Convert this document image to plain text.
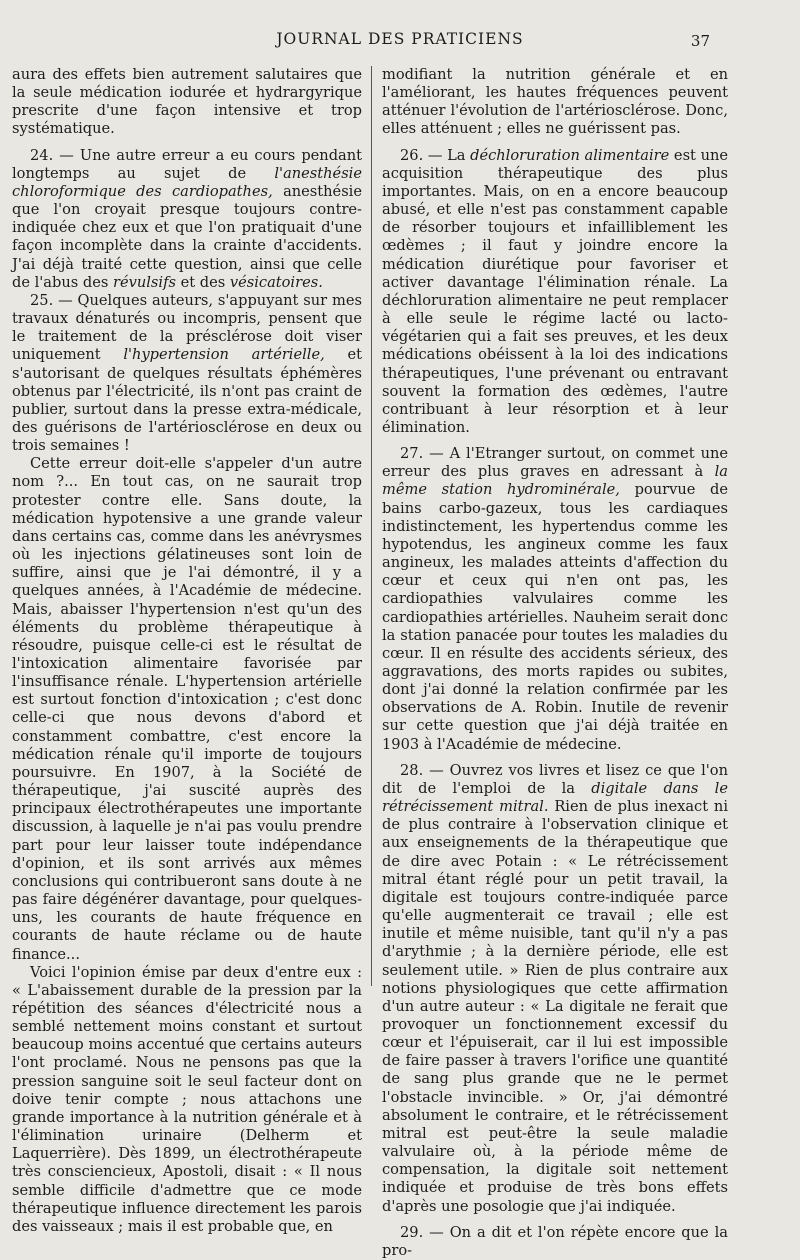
JOURNAL DES PRATICIENS	37

aura des effets bien autrement salutaires que la seule médication iodurée et hydrargyrique prescrite d'une façon intensive et trop systématique.

24. — Une autre erreur a eu cours pendant longtemps au sujet de l'anesthésie chloroformique des cardiopathes, anesthésie que l'on croyait presque toujours contre-indiquée chez eux et que l'on pratiquait d'une façon incomplète dans la crainte d'accidents. J'ai déjà traité cette question, ainsi que celle de l'abus des révulsifs et des vésicatoires.

25. — Quelques auteurs, s'appuyant sur mes travaux dénaturés ou incompris, pensent que le traitement de la présclérose doit viser uniquement l'hypertension artérielle, et s'autorisant de quelques résultats éphémères obtenus par l'électricité, ils n'ont pas craint de publier, surtout dans la presse extra-médicale, des guérisons de l'artériosclérose en deux ou trois semaines !

Cette erreur doit-elle s'appeler d'un autre nom ?... En tout cas, on ne saurait trop protester contre elle. Sans doute, la médication hypotensive a une grande valeur dans certains cas, comme dans les anévrysmes où les injections gélatineuses sont loin de suffire, ainsi que je l'ai démontré, il y a quelques années, à l'Académie de médecine. Mais, abaisser l'hypertension n'est qu'un des éléments du problème thérapeutique à résoudre, puisque celle-ci est le résultat de l'intoxication alimentaire favorisée par l'insuffisance rénale. L'hypertension artérielle est surtout fonction d'intoxication ; c'est donc celle-ci que nous devons d'abord et constamment combattre, c'est encore la médication rénale qu'il importe de toujours poursuivre. En 1907, à la Société de thérapeutique, j'ai suscité auprès des principaux électrothérapeutes une importante discussion, à laquelle je n'ai pas voulu prendre part pour leur laisser toute indépendance d'opinion, et ils sont arrivés aux mêmes conclusions qui contribueront sans doute à ne pas faire dégénérer davantage, pour quelques-uns, les courants de haute fréquence en courants de haute réclame ou de haute finance...

Voici l'opinion émise par deux d'entre eux : « L'abaissement durable de la pression par la répétition des séances d'électricité nous a semblé nettement moins constant et surtout beaucoup moins accentué que certains auteurs l'ont proclamé. Nous ne pensons pas que la pression sanguine soit le seul facteur dont on doive tenir compte ; nous attachons une grande importance à la nutrition générale et à l'élimination urinaire (Delherm et Laquerrière). Dès 1899, un électrothérapeute très consciencieux, Apostoli, disait : « Il nous semble difficile d'admettre que ce mode thérapeutique influence directement les parois des vaisseaux ; mais il est probable que, en

modifiant la nutrition générale et en l'améliorant, les hautes fréquences peuvent atténuer l'évolution de l'artériosclérose. Donc, elles atténuent ; elles ne guérissent pas.

26. — La déchloruration alimentaire est une acquisition thérapeutique des plus importantes. Mais, on en a encore beaucoup abusé, et elle n'est pas constamment capable de résorber toujours et infailliblement les œdèmes ; il faut y joindre encore la médication diurétique pour favoriser et activer davantage l'élimination rénale. La déchloruration alimentaire ne peut remplacer à elle seule le régime lacté ou lacto-végétarien qui a fait ses preuves, et les deux médications obéissent à la loi des indications thérapeutiques, l'une prévenant ou entravant souvent la formation des œdèmes, l'autre contribuant à leur résorption et à leur élimination.

27. — A l'Etranger surtout, on commet une erreur des plus graves en adressant à la même station hydrominérale, pourvue de bains carbo-gazeux, tous les cardiaques indistinctement, les hypertendus comme les hypotendus, les angineux comme les faux angineux, les malades atteints d'affection du cœur et ceux qui n'en ont pas, les cardiopathies valvulaires comme les cardiopathies artérielles. Nauheim serait donc la station panacée pour toutes les maladies du cœur. Il en résulte des accidents sérieux, des aggravations, des morts rapides ou subites, dont j'ai donné la relation confirmée par les observations de A. Robin. Inutile de revenir sur cette question que j'ai déjà traitée en 1903 à l'Académie de médecine.

28. — Ouvrez vos livres et lisez ce que l'on dit de l'emploi de la digitale dans le rétrécissement mitral. Rien de plus inexact ni de plus contraire à l'observation clinique et aux enseignements de la thérapeutique que de dire avec Potain : « Le rétrécissement mitral étant réglé pour un petit travail, la digitale est toujours contre-indiquée parce qu'elle augmenterait ce travail ; elle est inutile et même nuisible, tant qu'il n'y a pas d'arythmie ; à la dernière période, elle est seulement utile. » Rien de plus contraire aux notions physiologiques que cette affirmation d'un autre auteur : « La digitale ne ferait que provoquer un fonctionnement excessif du cœur et l'épuiserait, car il lui est impossible de faire passer à travers l'orifice une quantité de sang plus grande que ne le permet l'obstacle invincible. » Or, j'ai démontré absolument le contraire, et le rétrécissement mitral est peut-être la seule maladie valvulaire où, à la période même de compensation, la digitale soit nettement indiquée et produise de très bons effets d'après une posologie que j'ai indiquée.

29. — On a dit et l'on répète encore que la pro-
